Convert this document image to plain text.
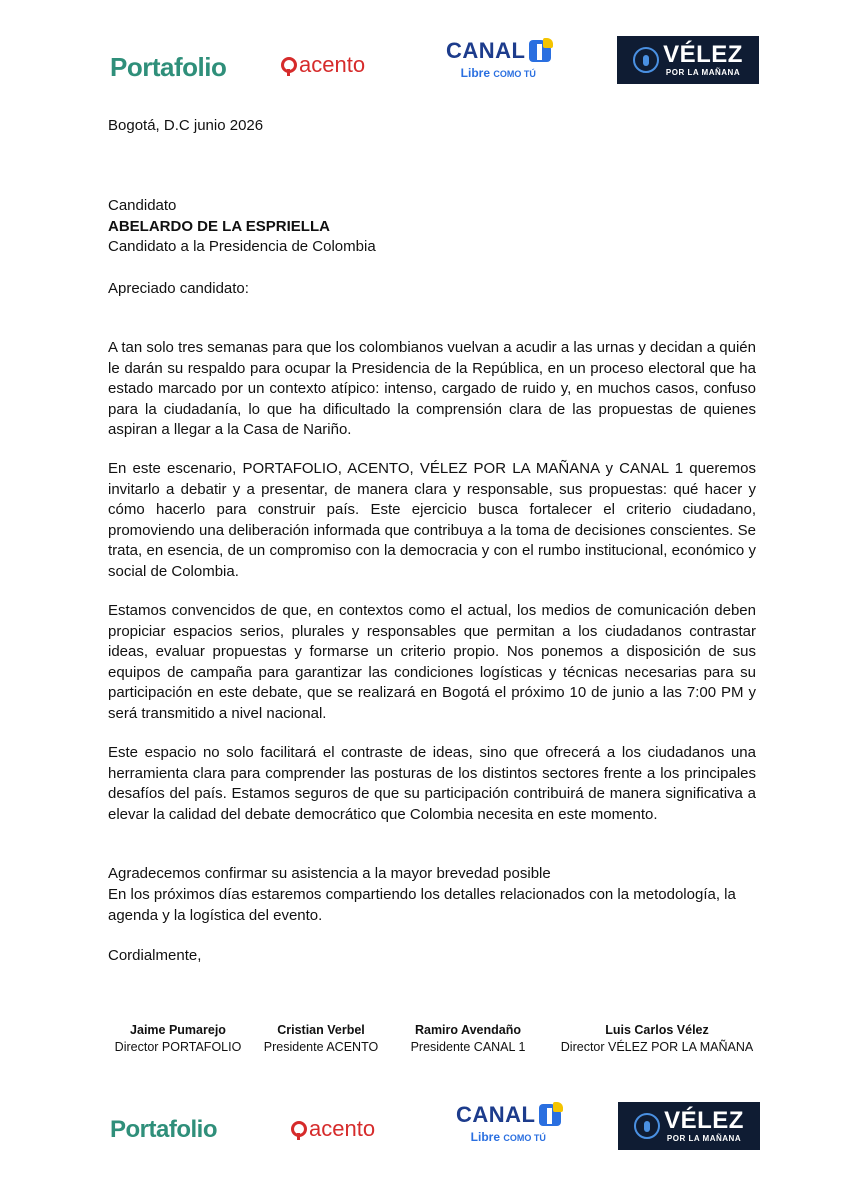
Portafolio	acento
CANAL
Libre COMO TÚ
VÉLEZ
POR LA MAÑANA
Bogotá, D.C junio 2026
Candidato
ABELARDO DE LA ESPRIELLA
Candidato a la Presidencia de Colombia
Apreciado candidato:
A tan solo tres semanas para que los colombianos vuelvan a acudir a las urnas y decidan a quién le darán su respaldo para ocupar la Presidencia de la República, en un proceso electoral que ha estado marcado por un contexto atípico: intenso, cargado de ruido y, en muchos casos, confuso para la ciudadanía, lo que ha dificultado la comprensión clara de las propuestas de quienes aspiran a llegar a la Casa de Nariño.
En este escenario, PORTAFOLIO, ACENTO, VÉLEZ POR LA MAÑANA y CANAL 1 queremos invitarlo a debatir y a presentar, de manera clara y responsable, sus propuestas: qué hacer y cómo hacerlo para construir país. Este ejercicio busca fortalecer el criterio ciudadano, promoviendo una deliberación informada que contribuya a la toma de decisiones conscientes. Se trata, en esencia, de un compromiso con la democracia y con el rumbo institucional, económico y social de Colombia.
Estamos convencidos de que, en contextos como el actual, los medios de comunicación deben propiciar espacios serios, plurales y responsables que permitan a los ciudadanos contrastar ideas, evaluar propuestas y formarse un criterio propio. Nos ponemos a disposición de sus equipos de campaña para garantizar las condiciones logísticas y técnicas necesarias para su participación en este debate, que se realizará en Bogotá el próximo 10 de junio a las 7:00 PM y será transmitido a nivel nacional.
Este espacio no solo facilitará el contraste de ideas, sino que ofrecerá a los ciudadanos una herramienta clara para comprender las posturas de los distintos sectores frente a los principales desafíos del país. Estamos seguros de que su participación contribuirá de manera significativa a elevar la calidad del debate democrático que Colombia necesita en este momento.
Agradecemos confirmar su asistencia a la mayor brevedad posible
En los próximos días estaremos compartiendo los detalles relacionados con la metodología, la agenda y la logística del evento.
Cordialmente,
Jaime Pumarejo
Director PORTAFOLIO
Cristian Verbel
Presidente ACENTO
Ramiro Avendaño
Presidente CANAL 1
Luis Carlos Vélez
Director VÉLEZ POR LA MAÑANA
Portafolio	acento
CANAL
Libre COMO TÚ
VÉLEZ
POR LA MAÑANA
